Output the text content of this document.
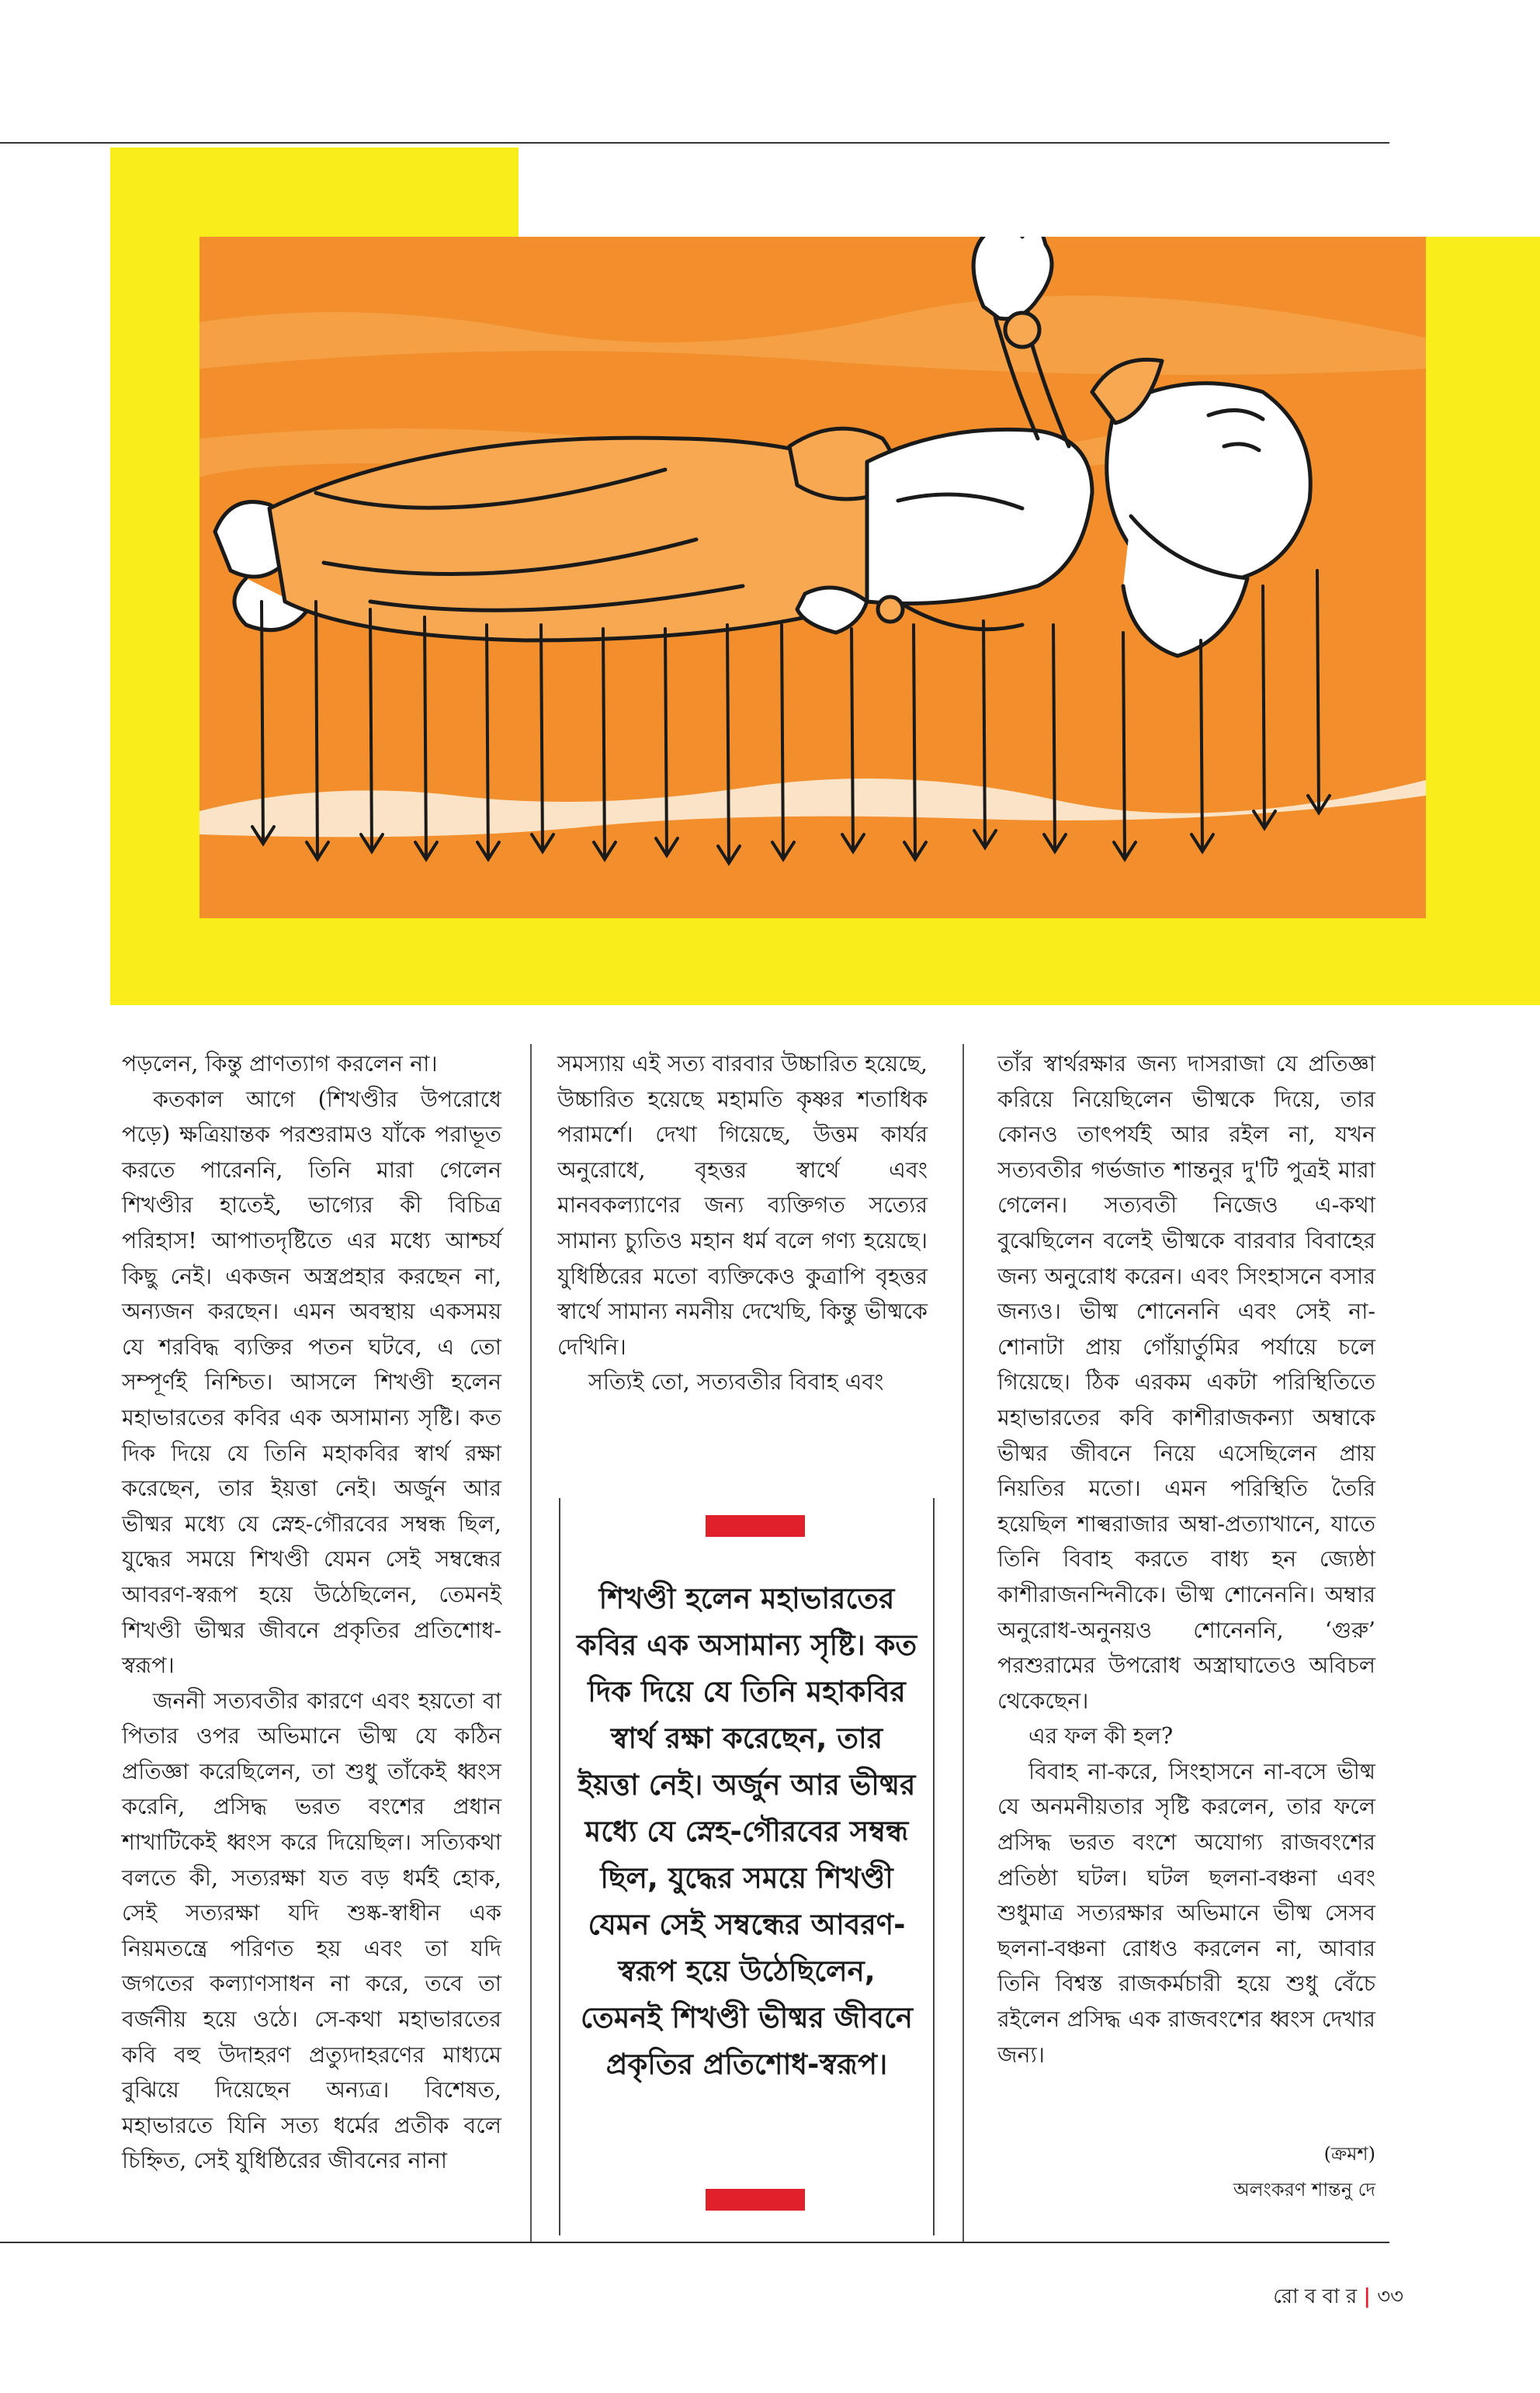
পড়লেন, কিন্তু প্রাণত্যাগ করলেন না।

কতকাল আগে (শিখণ্ডীর উপরোধে পড়ে) ক্ষত্রিয়ান্তক পরশুরামও যাঁকে পরাভূত করতে পারেননি, তিনি মারা গেলেন শিখণ্ডীর হাতেই, ভাগ্যের কী বিচিত্র পরিহাস! আপাতদৃষ্টিতে এর মধ্যে আশ্চর্য কিছু নেই। একজন অস্ত্রপ্রহার করছেন না, অন্যজন করছেন। এমন অবস্থায় একসময় যে শরবিদ্ধ ব্যক্তির পতন ঘটবে, এ তো সম্পূর্ণই নিশ্চিত। আসলে শিখণ্ডী হলেন মহাভারতের কবির এক অসামান্য সৃষ্টি। কত দিক দিয়ে যে তিনি মহাকবির স্বার্থ রক্ষা করেছেন, তার ইয়ত্তা নেই। অর্জুন আর ভীষ্মর মধ্যে যে স্নেহ-গৌরবের সম্বন্ধ ছিল, যুদ্ধের সময়ে শিখণ্ডী যেমন সেই সম্বন্ধের আবরণ-স্বরূপ হয়ে উঠেছিলেন, তেমনই শিখণ্ডী ভীষ্মর জীবনে প্রকৃতির প্রতিশোধ-স্বরূপ।

জননী সত্যবতীর কারণে এবং হয়তো বা পিতার ওপর অভিমানে ভীষ্ম যে কঠিন প্রতিজ্ঞা করেছিলেন, তা শুধু তাঁকেই ধ্বংস করেনি, প্রসিদ্ধ ভরত বংশের প্রধান শাখাটিকেই ধ্বংস করে দিয়েছিল। সত্যিকথা বলতে কী, সত্যরক্ষা যত বড় ধর্মই হোক, সেই সত্যরক্ষা যদি শুষ্ক-স্বাধীন এক নিয়মতন্ত্রে পরিণত হয় এবং তা যদি জগতের কল্যাণসাধন না করে, তবে তা বর্জনীয় হয়ে ওঠে। সে-কথা মহাভারতের কবি বহু উদাহরণ প্রত্যুদাহরণের মাধ্যমে বুঝিয়ে দিয়েছেন অন্যত্র। বিশেষত, মহাভারতে যিনি সত্য ধর্মের প্রতীক বলে চিহ্নিত, সেই যুধিষ্ঠিরের জীবনের নানা

সমস্যায় এই সত্য বারবার উচ্চারিত হয়েছে, উচ্চারিত হয়েছে মহামতি কৃষ্ণর শতাধিক পরামর্শে। দেখা গিয়েছে, উত্তম কার্যর অনুরোধে, বৃহত্তর স্বার্থে এবং মানবকল্যাণের জন্য ব্যক্তিগত সত্যের সামান্য চ্যুতিও মহান ধর্ম বলে গণ্য হয়েছে। যুধিষ্ঠিরের মতো ব্যক্তিকেও কুত্রাপি বৃহত্তর স্বার্থে সামান্য নমনীয় দেখেছি, কিন্তু ভীষ্মকে দেখিনি।

সত্যিই তো, সত্যবতীর বিবাহ এবং

শিখণ্ডী হলেন মহাভারতের কবির এক অসামান্য সৃষ্টি। কত দিক দিয়ে যে তিনি মহাকবির স্বার্থ রক্ষা করেছেন, তার ইয়ত্তা নেই। অর্জুন আর ভীষ্মর মধ্যে যে স্নেহ-গৌরবের সম্বন্ধ ছিল, যুদ্ধের সময়ে শিখণ্ডী যেমন সেই সম্বন্ধের আবরণ-স্বরূপ হয়ে উঠেছিলেন, তেমনই শিখণ্ডী ভীষ্মর জীবনে প্রকৃতির প্রতিশোধ-স্বরূপ।

তাঁর স্বার্থরক্ষার জন্য দাসরাজা যে প্রতিজ্ঞা করিয়ে নিয়েছিলেন ভীষ্মকে দিয়ে, তার কোনও তাৎপর্যই আর রইল না, যখন সত্যবতীর গর্ভজাত শান্তনুর দু'টি পুত্রই মারা গেলেন। সত্যবতী নিজেও এ-কথা বুঝেছিলেন বলেই ভীষ্মকে বারবার বিবাহের জন্য অনুরোধ করেন। এবং সিংহাসনে বসার জন্যও। ভীষ্ম শোনেননি এবং সেই না-শোনাটা প্রায় গোঁয়ার্তুমির পর্যায়ে চলে গিয়েছে। ঠিক এরকম একটা পরিস্থিতিতে মহাভারতের কবি কাশীরাজকন্যা অম্বাকে ভীষ্মর জীবনে নিয়ে এসেছিলেন প্রায় নিয়তির মতো। এমন পরিস্থিতি তৈরি হয়েছিল শাল্বরাজার অম্বা-প্রত্যাখানে, যাতে তিনি বিবাহ করতে বাধ্য হন জ্যেষ্ঠা কাশীরাজনন্দিনীকে। ভীষ্ম শোনেননি। অম্বার অনুরোধ-অনুনয়ও শোনেননি, ‘গুরু’ পরশুরামের উপরোধ অস্ত্রাঘাতেও অবিচল থেকেছেন।

এর ফল কী হল?

বিবাহ না-করে, সিংহাসনে না-বসে ভীষ্ম যে অনমনীয়তার সৃষ্টি করলেন, তার ফলে প্রসিদ্ধ ভরত বংশে অযোগ্য রাজবংশের প্রতিষ্ঠা ঘটল। ঘটল ছলনা-বঞ্চনা এবং শুধুমাত্র সত্যরক্ষার অভিমানে ভীষ্ম সেসব ছলনা-বঞ্চনা রোধও করলেন না, আবার তিনি বিশ্বস্ত রাজকর্মচারী হয়ে শুধু বেঁচে রইলেন প্রসিদ্ধ এক রাজবংশের ধ্বংস দেখার জন্য।

(ক্রমশ)
অলংকরণ শান্তনু দে
রো ব বা র | ৩৩
